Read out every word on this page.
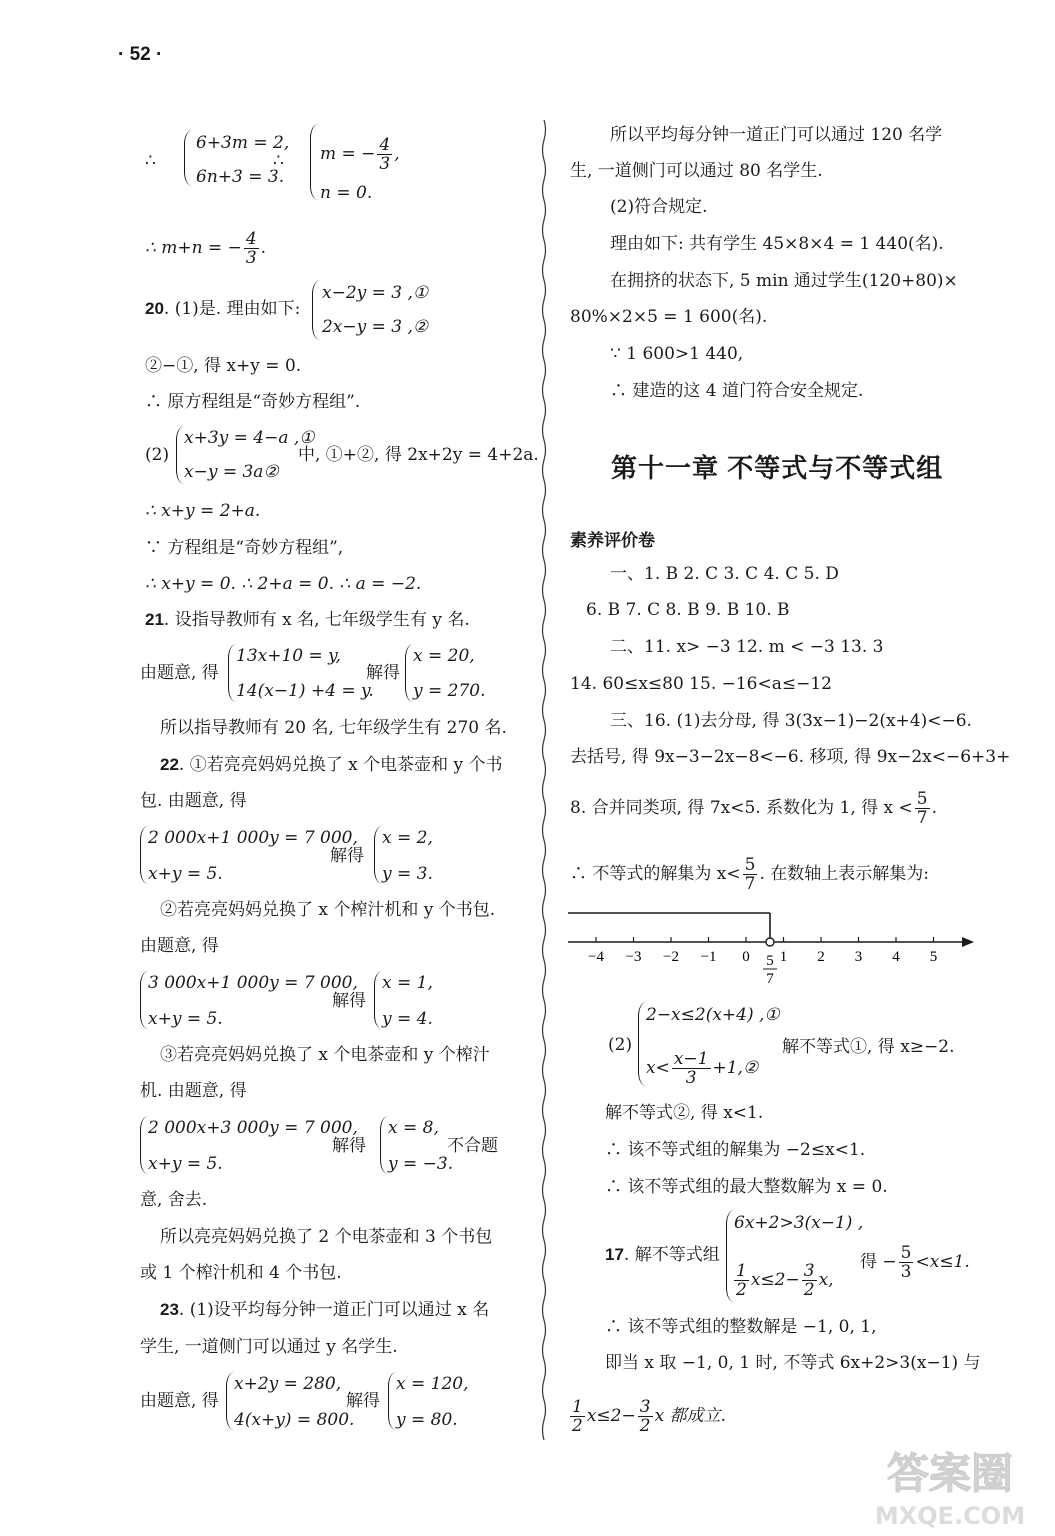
· 52 ·
∴
6+3m = 2,
6n+3 = 3.
∴ m = − $\frac{4}{3}$ ,
n = 0.
∴ m+n = − $\frac{4}{3}$ .
20. (1)是. 理由如下:
x−2y = 3 ,①
2x−y = 3 ,②
②−①, 得 x+y = 0.
∴ 原方程组是“奇妙方程组”.
(2)
x+3y = 4−a ,①
x−y = 3a②
中, ①+②, 得 2x+2y = 4+2a.
∴ x+y = 2+a.
∵ 方程组是“奇妙方程组”,
∴ x+y = 0. ∴ 2+a = 0. ∴ a = −2.
21. 设指导教师有 x 名, 七年级学生有 y 名.
由题意, 得
13x+10 = y,
14(x−1) +4 = y.
解得
x = 20,
y = 270.
所以指导教师有 20 名, 七年级学生有 270 名.
22. ①若亮亮妈妈兑换了 x 个电茶壶和 y 个书
包. 由题意, 得
2 000x+1 000y = 7 000,
x+y = 5.
解得
x = 2,
y = 3.
②若亮亮妈妈兑换了 x 个榨汁机和 y 个书包.
由题意, 得
3 000x+1 000y = 7 000,
x+y = 5.
解得
x = 1,
y = 4.
③若亮亮妈妈兑换了 x 个电茶壶和 y 个榨汁
机. 由题意, 得
2 000x+3 000y = 7 000,
x+y = 5.
解得
x = 8,
y = −3.
不合题
意, 舍去.
所以亮亮妈妈兑换了 2 个电茶壶和 3 个书包
或 1 个榨汁机和 4 个书包.
23. (1)设平均每分钟一道正门可以通过 x 名
学生, 一道侧门可以通过 y 名学生.
由题意, 得
x+2y = 280,
4(x+y) = 800.
解得
x = 120,
y = 80.
所以平均每分钟一道正门可以通过 120 名学
生, 一道侧门可以通过 80 名学生.
(2)符合规定.
理由如下: 共有学生 45×8×4 = 1 440(名).
在拥挤的状态下, 5 min 通过学生(120+80)×
80%×2×5 = 1 600(名).
∵ 1 600>1 440,
∴ 建造的这 4 道门符合安全规定.
第十一章 不等式与不等式组
素养评价卷
一、1. B 2. C 3. C 4. C 5. D
6. B 7. C 8. B 9. B 10. B
二、11. x> −3 12. m < −3 13. 3
14. 60≤x≤80 15. −16<a≤−12
三、16. (1)去分母, 得 3(3x−1)−2(x+4)<−6.
去括号, 得 9x−3−2x−8<−6. 移项, 得 9x−2x<−6+3+
8. 合并同类项, 得 7x<5. 系数化为 1, 得 $x < \frac{5}{7}$ .
∴ 不等式的解集为 $x< \frac{5}{7}$ . 在数轴上表示解集为:
−4 −3 −2 −1 0 1 2 3 4 5
5
7
(2)
2−x≤2(x+4) ,①
$x< \frac{x-1}{3}$ +1,②
解不等式①, 得 x≥−2.
解不等式②, 得 x<1.
∴ 该不等式组的解集为 −2≤x<1.
∴ 该不等式组的最大整数解为 x = 0.
17. 解不等式组
6x+2>3(x−1) ,
$\frac{1}{2} x\le 2- \frac{3}{2} x$,
得 − $\frac{5}{3} <x\le 1$.
∴ 该不等式组的整数解是 −1, 0, 1,
即当 x 取 −1, 0, 1 时, 不等式 6x+2>3(x−1) 与
$\frac{1}{2} x\le 2- \frac{3}{2}$ x 都成立.
答案圈
MXQE.COM
